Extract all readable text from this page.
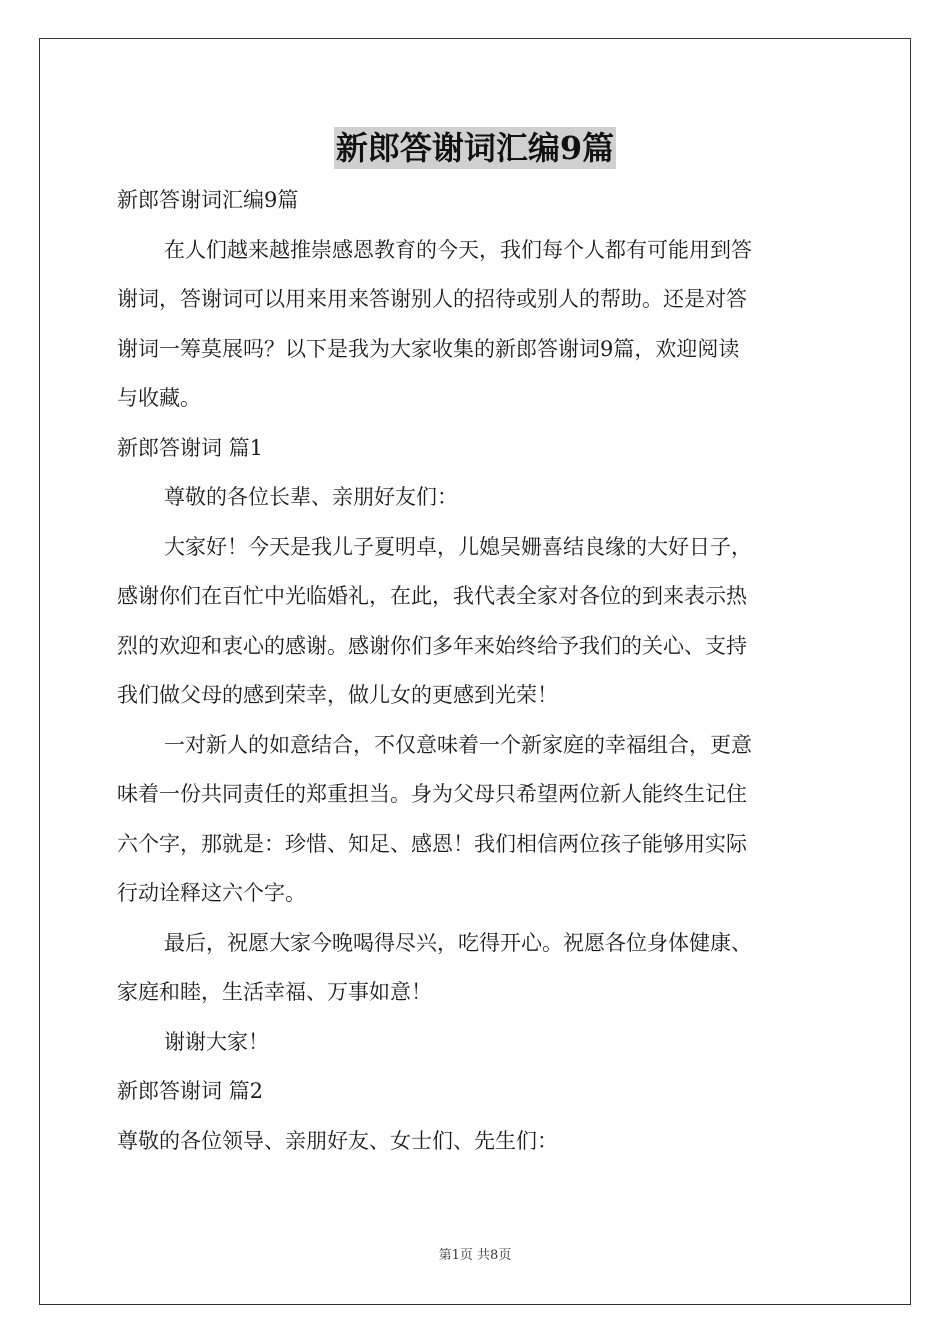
新郎答谢词汇编9篇
新郎答谢词汇编9篇
在人们越来越推崇感恩教育的今天，我们每个人都有可能用到答
谢词，答谢词可以用来用来答谢别人的招待或别人的帮助。还是对答
谢词一筹莫展吗？以下是我为大家收集的新郎答谢词9篇，欢迎阅读
与收藏。
新郎答谢词 篇1
尊敬的各位长辈、亲朋好友们：
大家好！今天是我儿子夏明卓，儿媳吴姗喜结良缘的大好日子，
感谢你们在百忙中光临婚礼，在此，我代表全家对各位的到来表示热
烈的欢迎和衷心的感谢。感谢你们多年来始终给予我们的关心、支持
我们做父母的感到荣幸，做儿女的更感到光荣！
一对新人的如意结合，不仅意味着一个新家庭的幸福组合，更意
味着一份共同责任的郑重担当。身为父母只希望两位新人能终生记住
六个字，那就是：珍惜、知足、感恩！我们相信两位孩子能够用实际
行动诠释这六个字。
最后，祝愿大家今晚喝得尽兴，吃得开心。祝愿各位身体健康、
家庭和睦，生活幸福、万事如意！
谢谢大家！
新郎答谢词 篇2
尊敬的各位领导、亲朋好友、女士们、先生们：
第1页 共8页
